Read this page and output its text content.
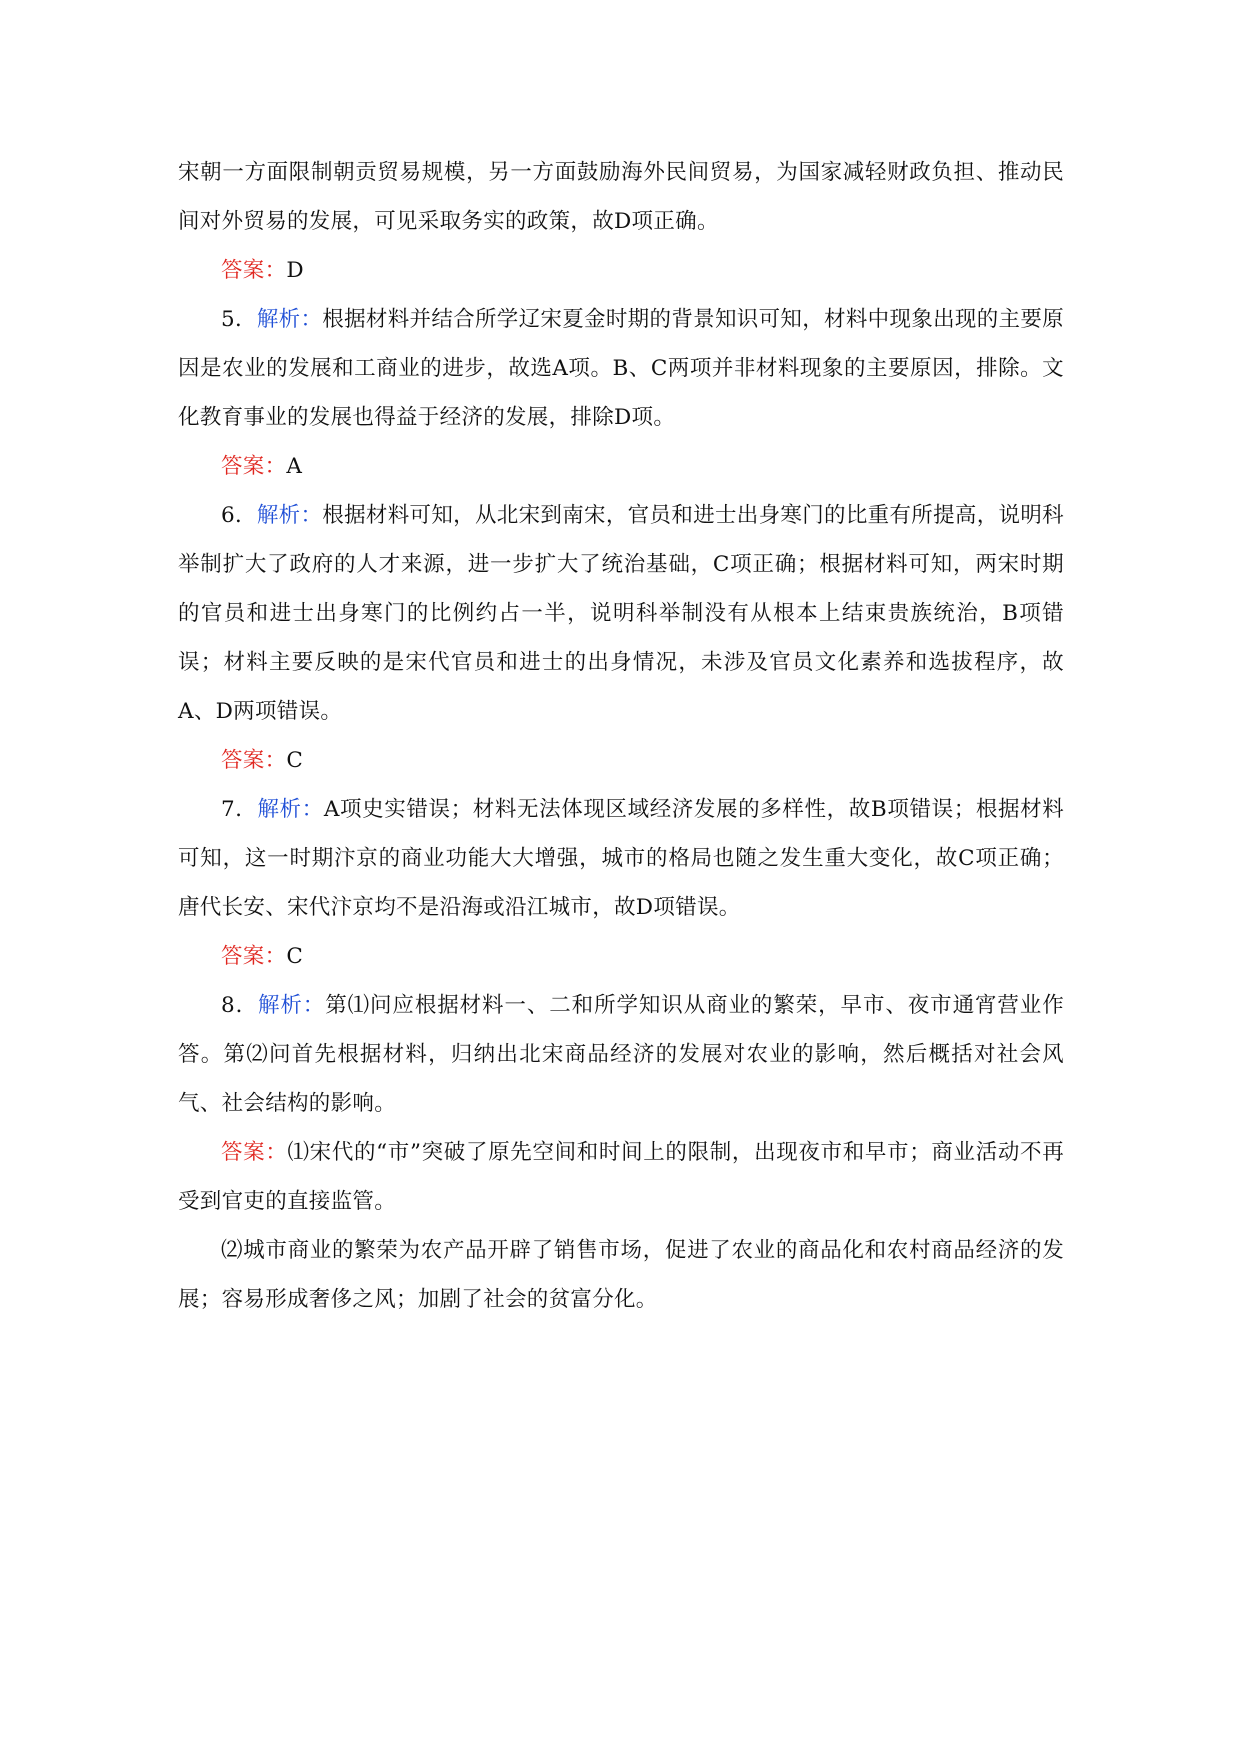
宋朝一方面限制朝贡贸易规模，另一方面鼓励海外民间贸易，为国家减轻财政负担、推动民间对外贸易的发展，可见采取务实的政策，故D项正确。

答案：D

5．解析：根据材料并结合所学辽宋夏金时期的背景知识可知，材料中现象出现的主要原因是农业的发展和工商业的进步，故选A项。B、C两项并非材料现象的主要原因，排除。文化教育事业的发展也得益于经济的发展，排除D项。

答案：A

6．解析：根据材料可知，从北宋到南宋，官员和进士出身寒门的比重有所提高，说明科举制扩大了政府的人才来源，进一步扩大了统治基础，C项正确；根据材料可知，两宋时期的官员和进士出身寒门的比例约占一半，说明科举制没有从根本上结束贵族统治，B项错误；材料主要反映的是宋代官员和进士的出身情况，未涉及官员文化素养和选拔程序，故A、D两项错误。

答案：C

7．解析：A项史实错误；材料无法体现区域经济发展的多样性，故B项错误；根据材料可知，这一时期汴京的商业功能大大增强，城市的格局也随之发生重大变化，故C项正确；唐代长安、宋代汴京均不是沿海或沿江城市，故D项错误。

答案：C

8．解析：第⑴问应根据材料一、二和所学知识从商业的繁荣，早市、夜市通宵营业作答。第⑵问首先根据材料，归纳出北宋商品经济的发展对农业的影响，然后概括对社会风气、社会结构的影响。

答案：⑴宋代的“市”突破了原先空间和时间上的限制，出现夜市和早市；商业活动不再受到官吏的直接监管。

⑵城市商业的繁荣为农产品开辟了销售市场，促进了农业的商品化和农村商品经济的发展；容易形成奢侈之风；加剧了社会的贫富分化。
